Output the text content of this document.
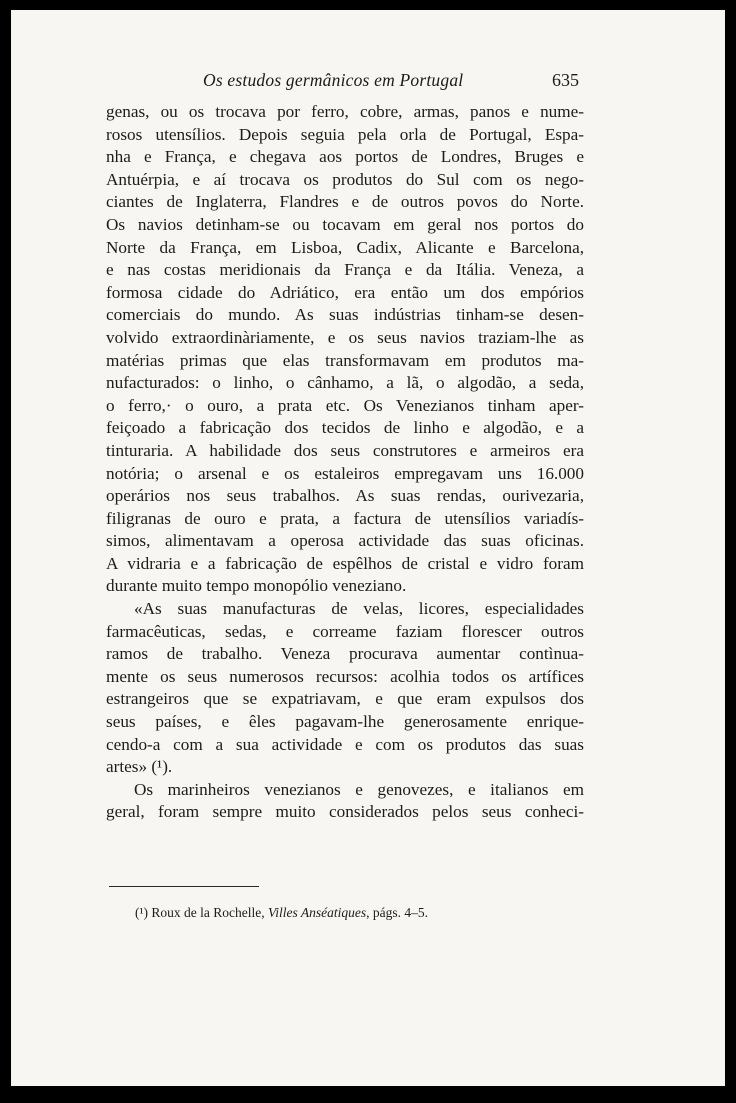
Os estudos germânicos em Portugal	635
genas, ou os trocava por ferro, cobre, armas, panos e nume-
rosos utensílios. Depois seguia pela orla de Portugal, Espa-
nha e França, e chegava aos portos de Londres, Bruges e
Antuérpia, e aí trocava os produtos do Sul com os nego-
ciantes de Inglaterra, Flandres e de outros povos do Norte.
Os navios detinham-se ou tocavam em geral nos portos do
Norte da França, em Lisboa, Cadix, Alicante e Barcelona,
e nas costas meridionais da França e da Itália. Veneza, a
formosa cidade do Adriático, era então um dos empórios
comerciais do mundo. As suas indústrias tinham-se desen-
volvido extraordinàriamente, e os seus navios traziam-lhe as
matérias primas que elas transformavam em produtos ma-
nufacturados: o linho, o cânhamo, a lã, o algodão, a seda,
o ferro,· o ouro, a prata etc. Os Venezianos tinham aper-
feiçoado a fabricação dos tecidos de linho e algodão, e a
tinturaria. A habilidade dos seus construtores e armeiros era
notória; o arsenal e os estaleiros empregavam uns 16.000
operários nos seus trabalhos. As suas rendas, ourivezaria,
filigranas de ouro e prata, a factura de utensílios variadís-
simos, alimentavam a operosa actividade das suas oficinas.
A vidraria e a fabricação de espêlhos de cristal e vidro foram
durante muito tempo monopólio veneziano.
«As suas manufacturas de velas, licores, especialidades
farmacêuticas, sedas, e correame faziam florescer outros
ramos de trabalho. Veneza procurava aumentar contìnua-
mente os seus numerosos recursos: acolhia todos os artífices
estrangeiros que se expatriavam, e que eram expulsos dos
seus países, e êles pagavam-lhe generosamente enrique-
cendo-a com a sua actividade e com os produtos das suas
artes» (¹).
Os marinheiros venezianos e genovezes, e italianos em
geral, foram sempre muito considerados pelos seus conheci-
(¹) Roux de la Rochelle, Villes Anséatiques, págs. 4–5.
